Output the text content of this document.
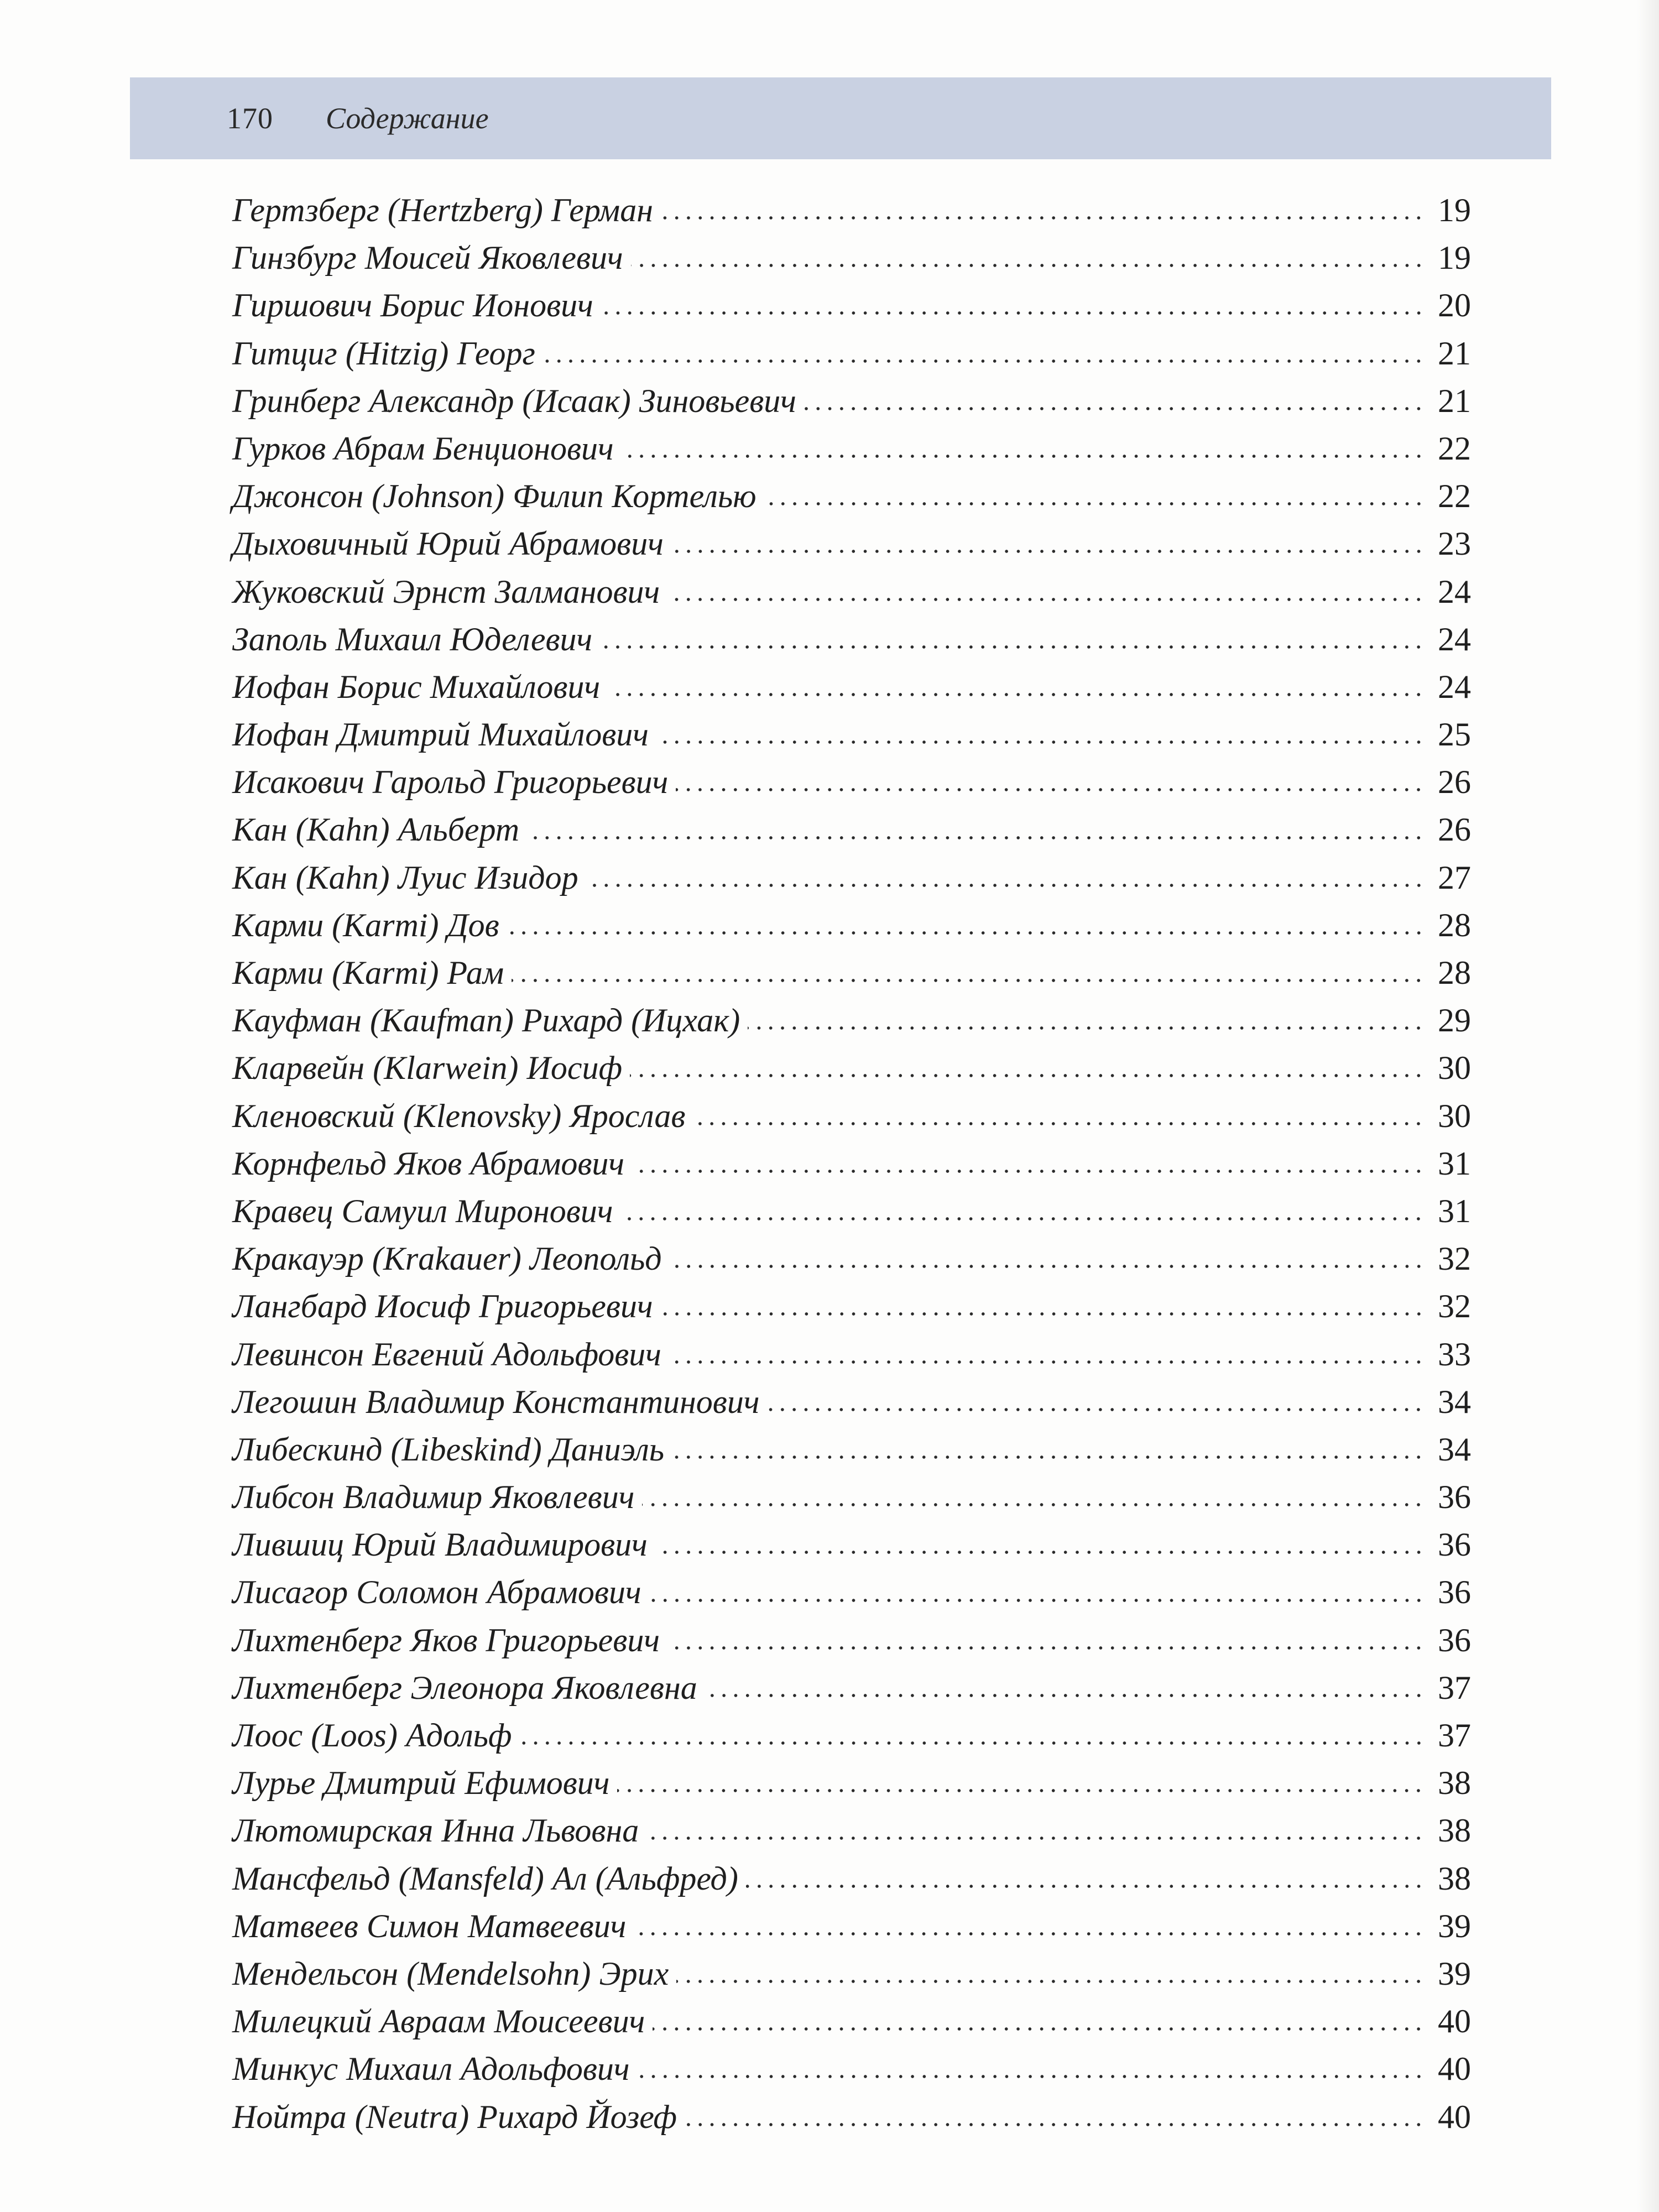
170 Содержание
Гертзберг (Hertzberg) Герман	19
Гинзбург Моисей Яковлевич	19
Гиршович Борис Ионович	20
Гитциг (Hitzig) Георг	21
Гринберг Александр (Исаак) Зиновьевич	21
Гурков Абрам Бенционович	22
Джонсон (Johnson) Филип Кортелью	22
Дыховичный Юрий Абрамович	23
Жуковский Эрнст Залманович	24
Заполь Михаил Юделевич	24
Иофан Борис Михайлович	24
Иофан Дмитрий Михайлович	25
Исакович Гарольд Григорьевич	26
Кан (Kahn) Альберт	26
Кан (Kahn) Луис Изидор	27
Карми (Karmi) Дов	28
Карми (Karmi) Рам	28
Кауфман (Kaufman) Рихард (Ицхак)	29
Кларвейн (Klarwein) Иосиф	30
Кленовский (Klenovsky) Ярослав	30
Корнфельд Яков Абрамович	31
Кравец Самуил Миронович	31
Кракауэр (Krakauer) Леопольд	32
Лангбард Иосиф Григорьевич	32
Левинсон Евгений Адольфович	33
Легошин Владимир Константинович	34
Либескинд (Libeskind) Даниэль	34
Либсон Владимир Яковлевич	36
Лившиц Юрий Владимирович	36
Лисагор Соломон Абрамович	36
Лихтенберг Яков Григорьевич	36
Лихтенберг Элеонора Яковлевна	37
Лоос (Loos) Адольф	37
Лурье Дмитрий Ефимович	38
Лютомирская Инна Львовна	38
Мансфельд (Mansfeld) Ал (Альфред)	38
Матвеев Симон Матвеевич	39
Мендельсон (Mendelsohn) Эрих	39
Милецкий Авраам Моисеевич	40
Минкус Михаил Адольфович	40
Нойтра (Neutra) Рихард Йозеф	40
